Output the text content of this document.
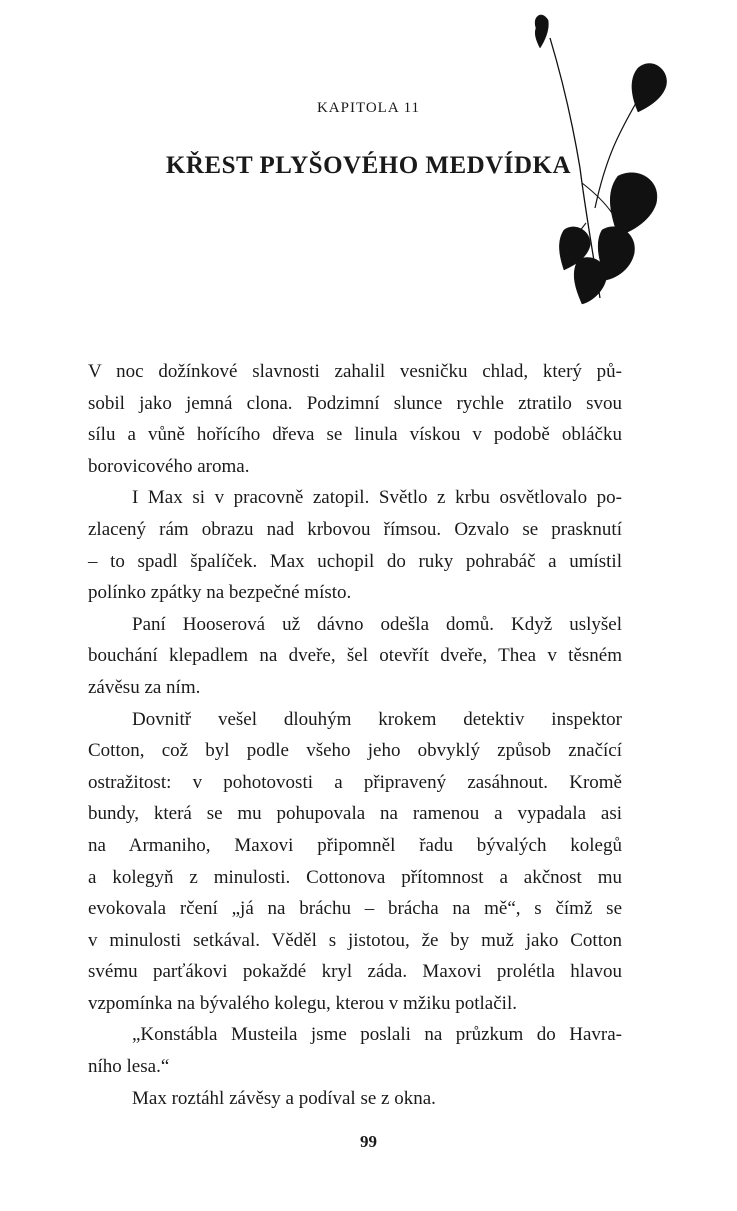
KAPITOLA 11
KŘEST PLYŠOVÉHO MEDVÍDKA
V noc dožínkové slavnosti zahalil vesničku chlad, který pů-
sobil jako jemná clona. Podzimní slunce rychle ztratilo svou
sílu a vůně hořícího dřeva se linula vískou v podobě obláčku
borovicového aroma.
I Max si v pracovně zatopil. Světlo z krbu osvětlovalo po-
zlacený rám obrazu nad krbovou římsou. Ozvalo se prasknutí
– to spadl špalíček. Max uchopil do ruky pohrabáč a umístil
polínko zpátky na bezpečné místo.
Paní Hooserová už dávno odešla domů. Když uslyšel
bouchání klepadlem na dveře, šel otevřít dveře, Thea v těsném
závěsu za ním.
Dovnitř vešel dlouhým krokem detektiv inspektor
Cotton, což byl podle všeho jeho obvyklý způsob značící
ostražitost: v pohotovosti a připravený zasáhnout. Kromě
bundy, která se mu pohupovala na ramenou a vypadala asi
na Armaniho, Maxovi připomněl řadu bývalých kolegů
a kolegyň z minulosti. Cottonova přítomnost a akčnost mu
evokovala rčení „já na bráchu – brácha na mě“, s čímž se
v minulosti setkával. Věděl s jistotou, že by muž jako Cotton
svému parťákovi pokaždé kryl záda. Maxovi prolétla hlavou
vzpomínka na bývalého kolegu, kterou v mžiku potlačil.
„Konstábla Musteila jsme poslali na průzkum do Havra-
ního lesa.“
Max roztáhl závěsy a podíval se z okna.
99
